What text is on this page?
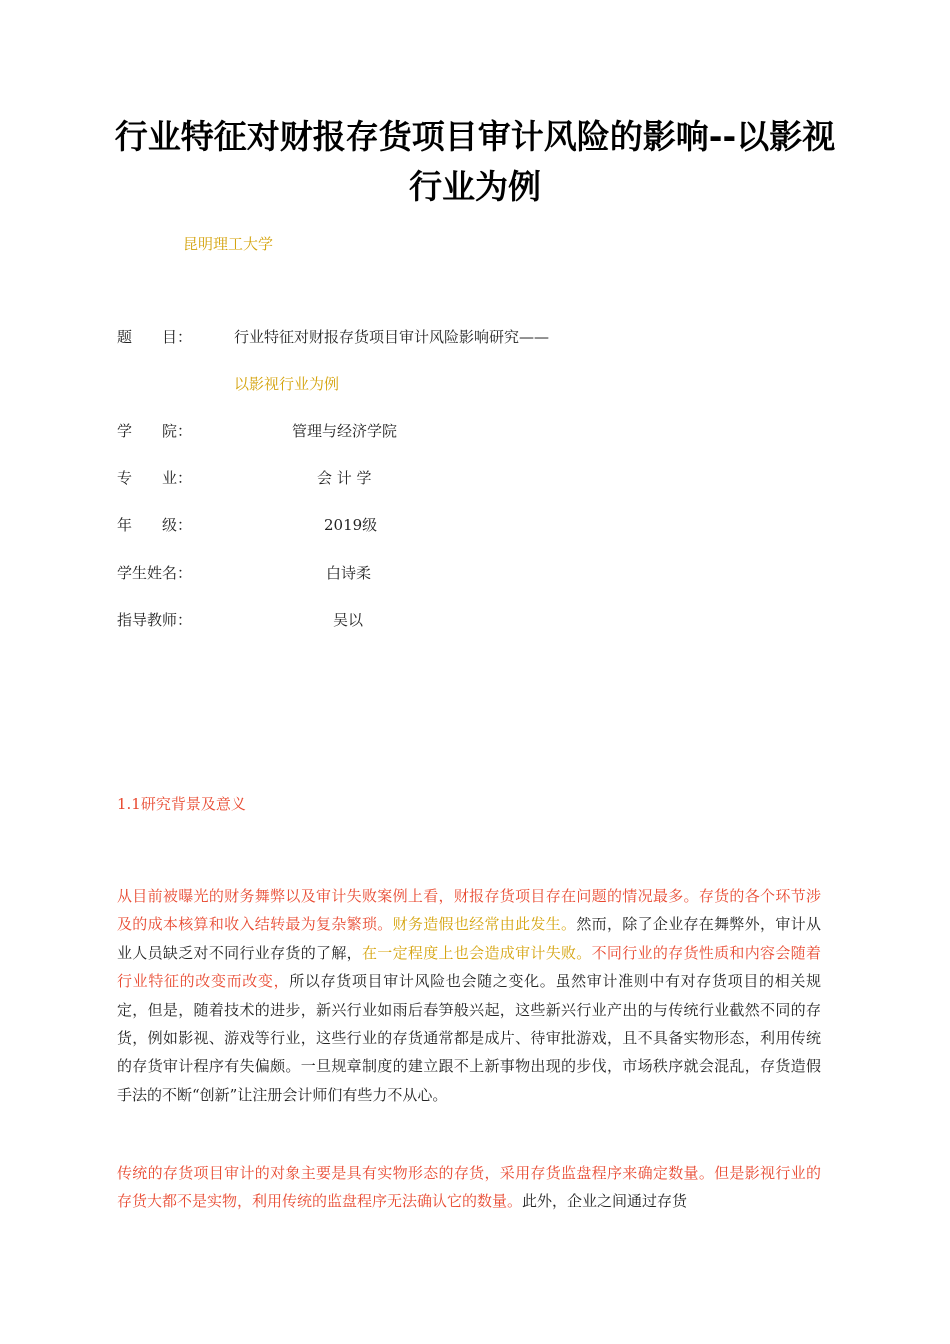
行业特征对财报存货项目审计风险的影响--以影视行业为例
昆明理工大学
题　　目：	行业特征对财报存货项目审计风险影响研究——
以影视行业为例
学　　院：	管理与经济学院
专　　业：	会 计 学
年　　级：	2019级
学生姓名：	白诗柔
指导教师：	吴以
1.1研究背景及意义

从目前被曝光的财务舞弊以及审计失败案例上看，财报存货项目存在问题的情况最多。存货的各个环节涉及的成本核算和收入结转最为复杂繁琐。财务造假也经常由此发生。然而，除了企业存在舞弊外，审计从业人员缺乏对不同行业存货的了解，在一定程度上也会造成审计失败。不同行业的存货性质和内容会随着行业特征的改变而改变，所以存货项目审计风险也会随之变化。虽然审计准则中有对存货项目的相关规定，但是，随着技术的进步，新兴行业如雨后春笋般兴起，这些新兴行业产出的与传统行业截然不同的存货，例如影视、游戏等行业，这些行业的存货通常都是成片、待审批游戏，且不具备实物形态，利用传统的存货审计程序有失偏颇。一旦规章制度的建立跟不上新事物出现的步伐，市场秩序就会混乱，存货造假手法的不断“创新”让注册会计师们有些力不从心。

传统的存货项目审计的对象主要是具有实物形态的存货，采用存货监盘程序来确定数量。但是影视行业的存货大都不是实物，利用传统的监盘程序无法确认它的数量。此外，企业之间通过存货
